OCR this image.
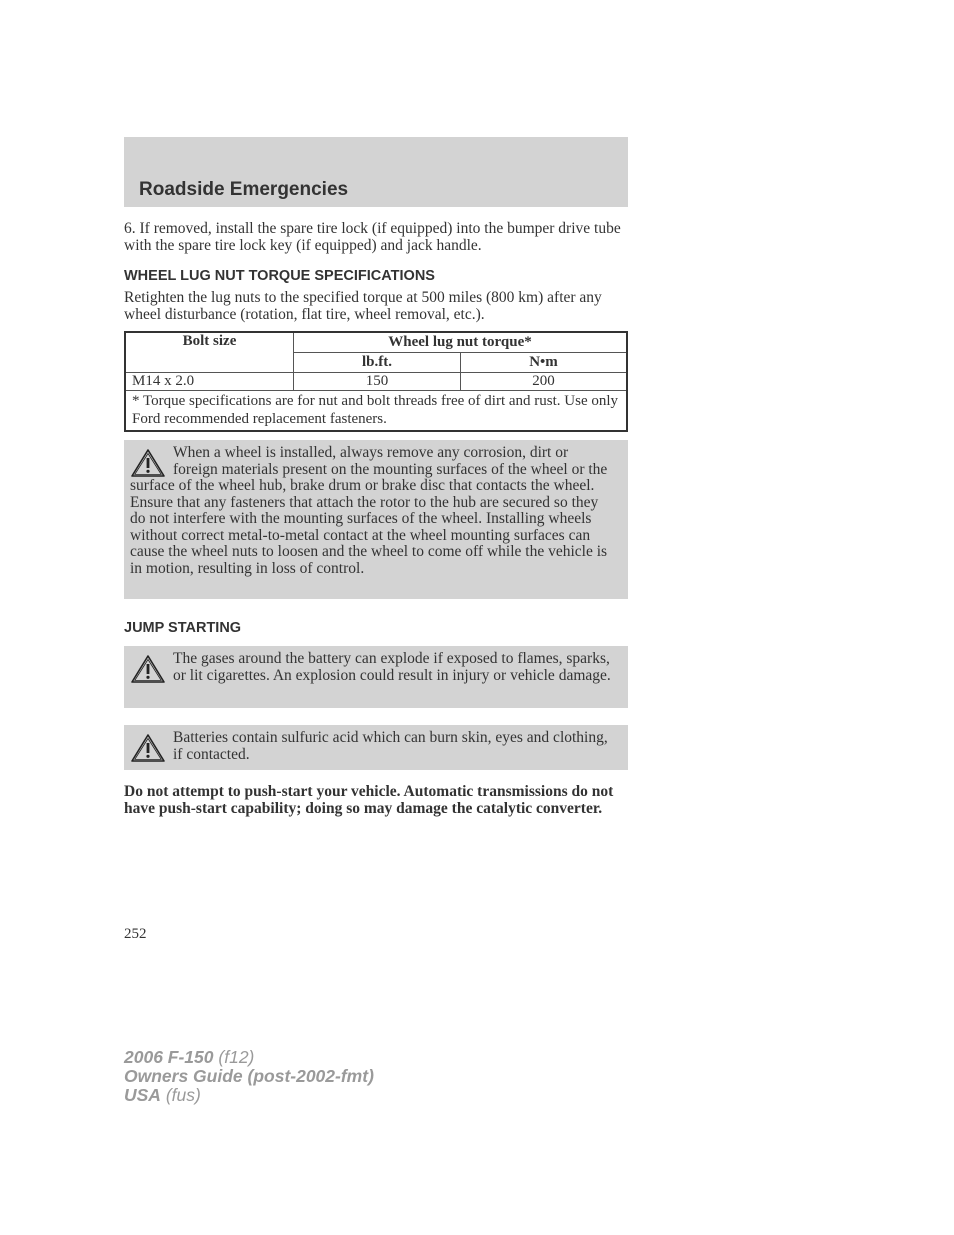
Roadside Emergencies

6. If removed, install the spare tire lock (if equipped) into the bumper drive tube with the spare tire lock key (if equipped) and jack handle.

WHEEL LUG NUT TORQUE SPECIFICATIONS

Retighten the lug nuts to the specified torque at 500 miles (800 km) after any wheel disturbance (rotation, flat tire, wheel removal, etc.).

Bolt size	Wheel lug nut torque*	
	lb.ft.	N•m
M14 x 2.0	150	200
* Torque specifications are for nut and bolt threads free of dirt and rust. Use only Ford recommended replacement fasteners.		
When a wheel is installed, always remove any corrosion, dirt or foreign materials present on the mounting surfaces of the wheel or the surface of the wheel hub, brake drum or brake disc that contacts the wheel. Ensure that any fasteners that attach the rotor to the hub are secured so they do not interfere with the mounting surfaces of the wheel. Installing wheels without correct metal-to-metal contact at the wheel mounting surfaces can cause the wheel nuts to loosen and the wheel to come off while the vehicle is in motion, resulting in loss of control.
JUMP STARTING
The gases around the battery can explode if exposed to flames, sparks, or lit cigarettes. An explosion could result in injury or vehicle damage.
Batteries contain sulfuric acid which can burn skin, eyes and clothing, if contacted.

Do not attempt to push-start your vehicle. Automatic transmissions do not have push-start capability; doing so may damage the catalytic converter.

252
2006 F-150 (f12)
Owners Guide (post-2002-fmt)
USA (fus)
